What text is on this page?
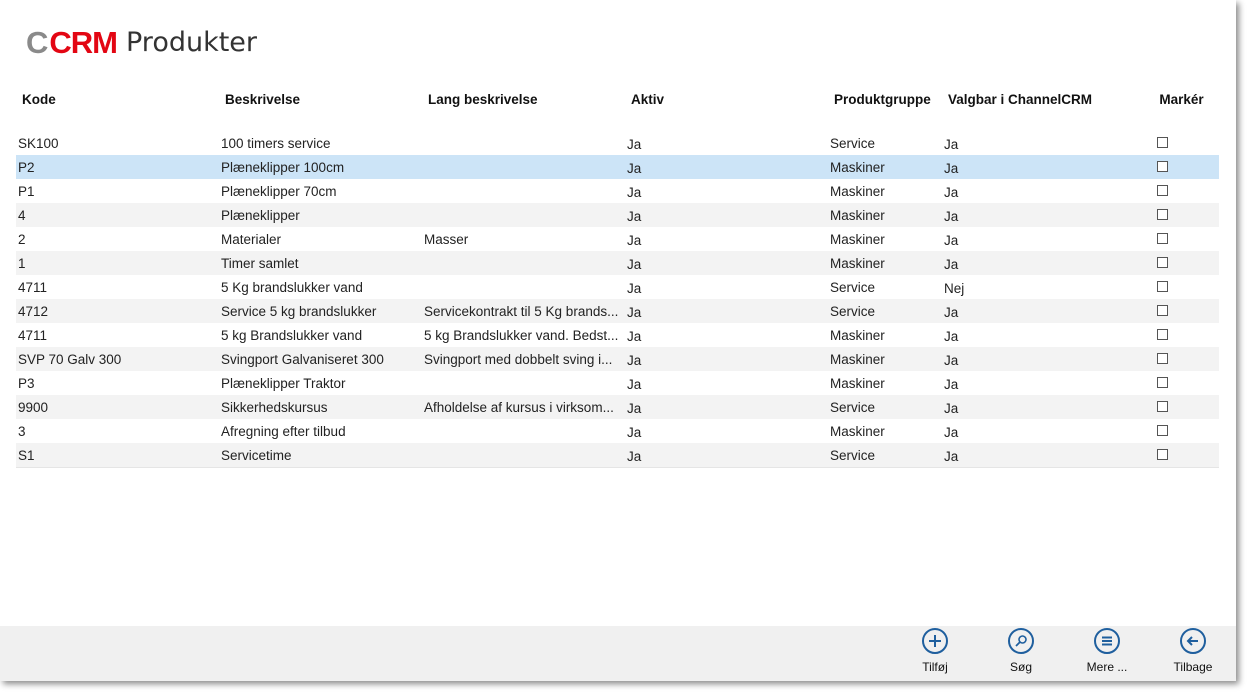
C CRM Produkter
Kode	Beskrivelse	Lang beskrivelse	Aktiv	Produktgruppe	Valgbar i ChannelCRM	Markér

SK100	100 timers service		Ja	Service	Ja	
P2	Plæneklipper 100cm		Ja	Maskiner	Ja	
P1	Plæneklipper 70cm		Ja	Maskiner	Ja	
4	Plæneklipper		Ja	Maskiner	Ja	
2	Materialer	Masser	Ja	Maskiner	Ja	
1	Timer samlet		Ja	Maskiner	Ja	
4711	5 Kg brandslukker vand		Ja	Service	Nej	
4712	Service 5 kg brandslukker	Servicekontrakt til 5 Kg brands...	Ja	Service	Ja	
4711	5 kg Brandslukker vand	5 kg Brandslukker vand. Bedst...	Ja	Maskiner	Ja	
SVP 70 Galv 300	Svingport Galvaniseret 300	Svingport med dobbelt sving i...	Ja	Maskiner	Ja	
P3	Plæneklipper Traktor		Ja	Maskiner	Ja	
9900	Sikkerhedskursus	Afholdelse af kursus i virksom...	Ja	Service	Ja	
3	Afregning efter tilbud		Ja	Maskiner	Ja	
S1	Servicetime		Ja	Service	Ja	
Tilføj	Søg	Mere ...	Tilbage
